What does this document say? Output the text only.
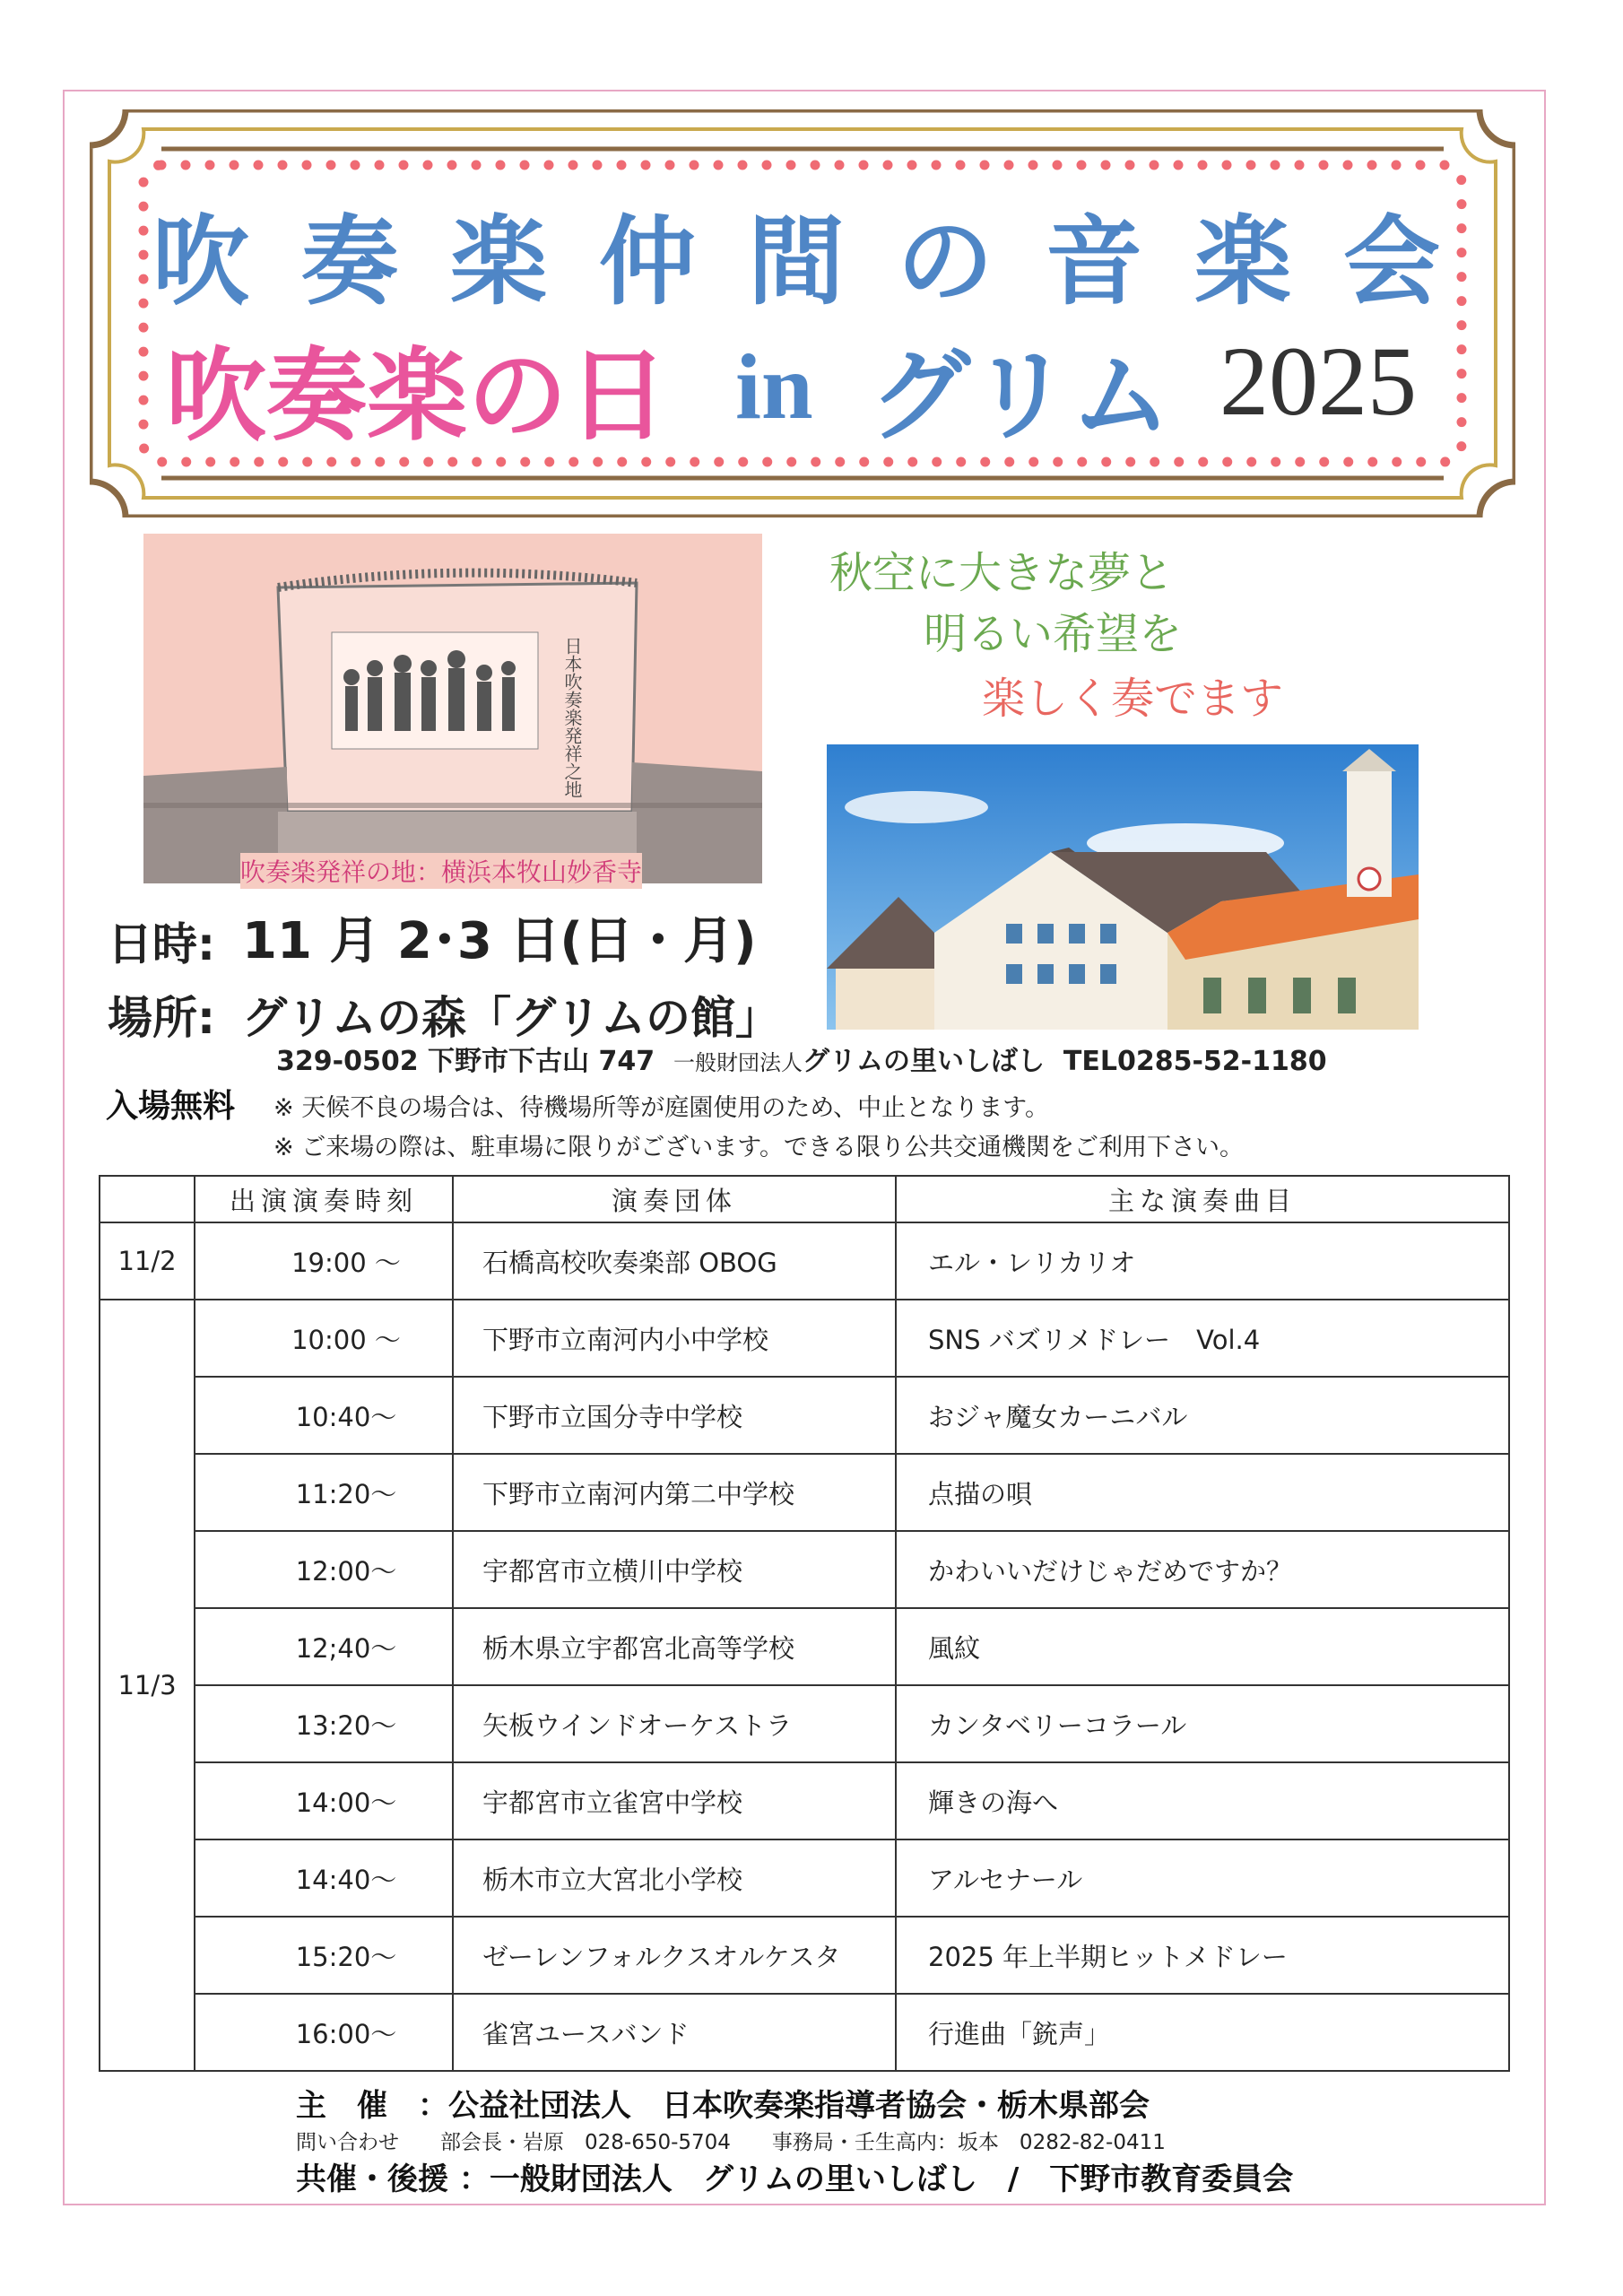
吹奏楽仲間の音楽会
吹奏楽の日 in グリム 2025
日本吹奏楽発祥之地
吹奏楽発祥の地：横浜本牧山妙香寺
秋空に大きな夢と
明るい希望を
楽しく奏でます
日時: 11 月 2･3 日(日・月)
場所: グリムの森「グリムの館」
329-0502 下野市下古山 747 一般財団法人グリムの里いしばし TEL0285-52-1180
入場無料 ※ 天候不良の場合は、待機場所等が庭園使用のため、中止となります。
※ ご来場の際は、駐車場に限りがございます。できる限り公共交通機関をご利用下さい。
	出演演奏時刻	演奏団体	主な演奏曲目
11/2	19:00 ～	石橋高校吹奏楽部 OBOG	エル・レリカリオ
11/3	10:00 ～	下野市立南河内小中学校	SNS バズリメドレー　Vol.4
	10:40～	下野市立国分寺中学校	おジャ魔女カーニバル
	11:20～	下野市立南河内第二中学校	点描の唄
	12:00～	宇都宮市立横川中学校	かわいいだけじゃだめですか？
	12;40～	栃木県立宇都宮北高等学校	風紋
	13:20～	矢板ウインドオーケストラ	カンタベリーコラール
	14:00～	宇都宮市立雀宮中学校	輝きの海へ
	14:40～	栃木市立大宮北小学校	アルセナール
	15:20～	ゼーレンフォルクスオルケスタ	2025 年上半期ヒットメドレー
	16:00～	雀宮ユースバンド	行進曲「銃声」
主　催　：公益社団法人　日本吹奏楽指導者協会・栃木県部会
問い合わせ　　部会長・岩原　028-650-5704　　事務局・壬生高内：坂本　0282-82-0411
共催・後援 ：一般財団法人　グリムの里いしばし　/　下野市教育委員会
